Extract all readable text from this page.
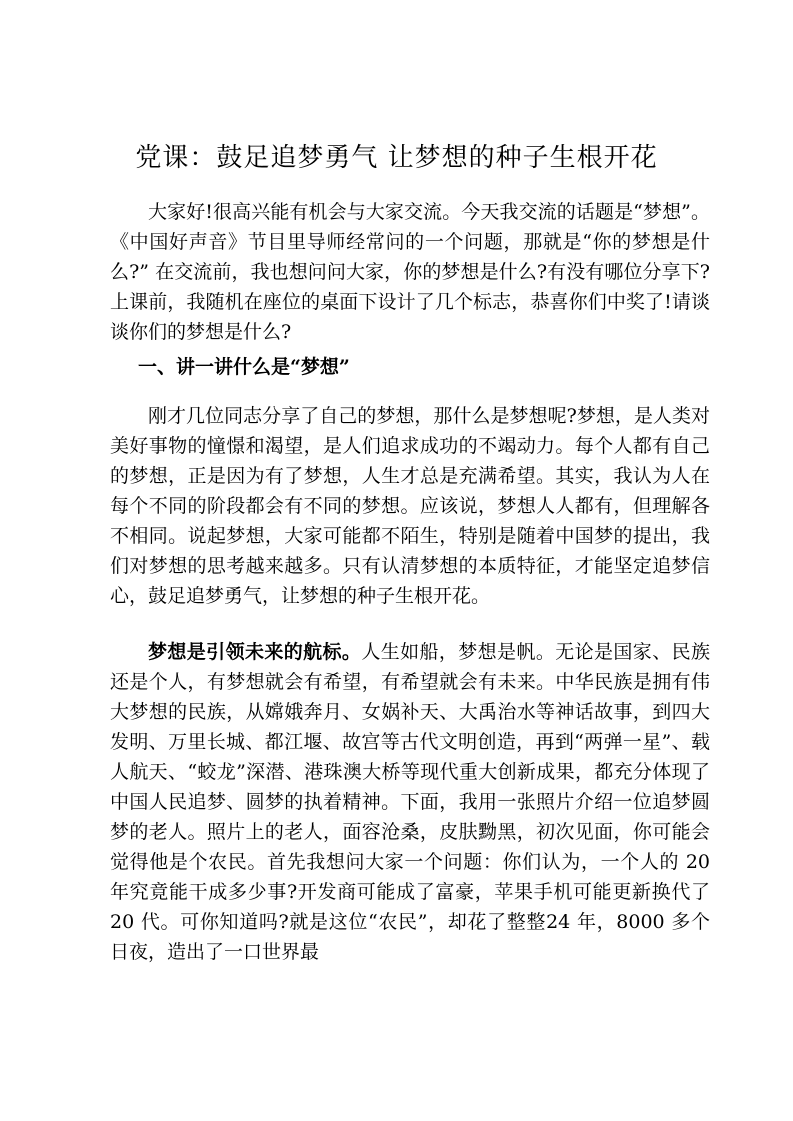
党课：鼓足追梦勇气 让梦想的种子生根开花

大家好!很高兴能有机会与大家交流。今天我交流的话题是“梦想”。《中国好声音》节目里导师经常问的一个问题，那就是“你的梦想是什么?” 在交流前，我也想问问大家，你的梦想是什么?有没有哪位分享下?上课前，我随机在座位的桌面下设计了几个标志，恭喜你们中奖了!请谈谈你们的梦想是什么?

一、讲一讲什么是“梦想”

刚才几位同志分享了自己的梦想，那什么是梦想呢?梦想，是人类对美好事物的憧憬和渴望，是人们追求成功的不竭动力。每个人都有自己的梦想，正是因为有了梦想，人生才总是充满希望。其实，我认为人在每个不同的阶段都会有不同的梦想。应该说，梦想人人都有，但理解各不相同。说起梦想，大家可能都不陌生，特别是随着中国梦的提出，我们对梦想的思考越来越多。只有认清梦想的本质特征，才能坚定追梦信心，鼓足追梦勇气，让梦想的种子生根开花。

梦想是引领未来的航标。人生如船，梦想是帆。无论是国家、民族还是个人，有梦想就会有希望，有希望就会有未来。中华民族是拥有伟大梦想的民族，从嫦娥奔月、女娲补天、大禹治水等神话故事，到四大发明、万里长城、都江堰、故宫等古代文明创造，再到“两弹一星”、载人航天、“蛟龙”深潜、港珠澳大桥等现代重大创新成果，都充分体现了中国人民追梦、圆梦的执着精神。下面，我用一张照片介绍一位追梦圆梦的老人。照片上的老人，面容沧桑，皮肤黝黑，初次见面，你可能会觉得他是个农民。首先我想问大家一个问题：你们认为，一个人的 20 年究竟能干成多少事?开发商可能成了富豪，苹果手机可能更新换代了 20 代。可你知道吗?就是这位“农民”，却花了整整24 年，8000 多个日夜，造出了一口世界最
